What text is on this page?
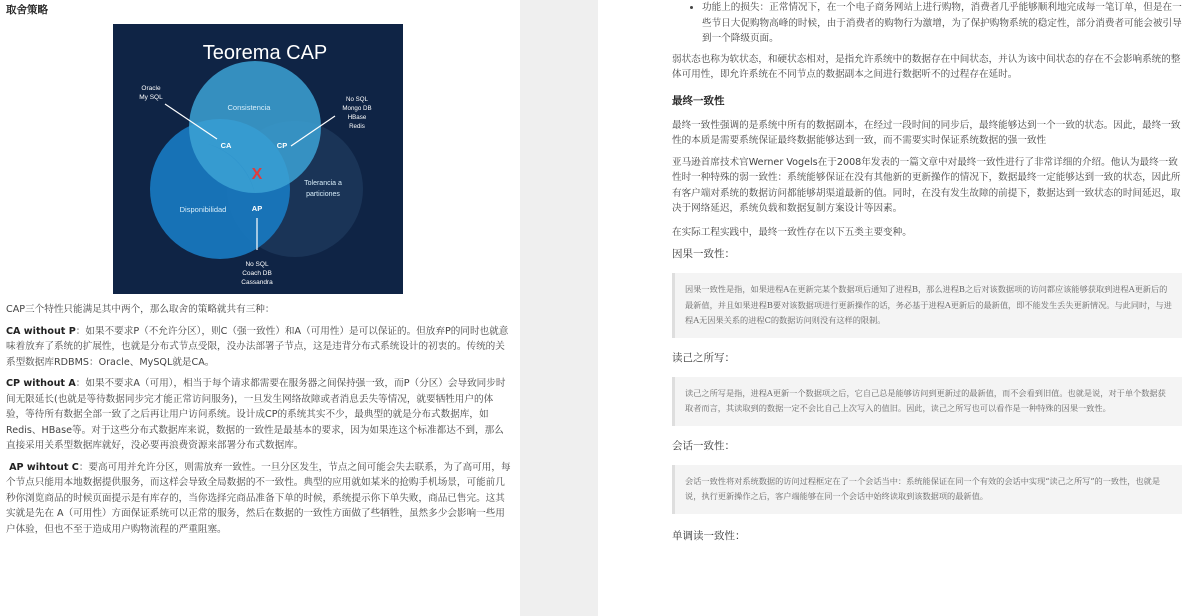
取舍策略
Teorema CAP
Consistencia
Disponibilidad
Tolerancia a
particiones
CA	CP
AP
X
Oracle
My SQL	No SQL
Mongo DB
HBase
Redis
No SQL
Coach DB
Cassandra

CAP三个特性只能满足其中两个，那么取舍的策略就共有三种：

CA without P：如果不要求P（不允许分区），则C（强一致性）和A（可用性）是可以保证的。但放弃P的同时也就意味着放弃了系统的扩展性，也就是分布式节点受限，没办法部署子节点，这是违背分布式系统设计的初衷的。传统的关系型数据库RDBMS：Oracle、MySQL就是CA。

CP without A：如果不要求A（可用），相当于每个请求都需要在服务器之间保持强一致，而P（分区）会导致同步时间无限延长(也就是等待数据同步完才能正常访问服务)，一旦发生网络故障或者消息丢失等情况，就要牺牲用户的体验，等待所有数据全部一致了之后再让用户访问系统。设计成CP的系统其实不少，最典型的就是分布式数据库，如Redis、HBase等。对于这些分布式数据库来说，数据的一致性是最基本的要求，因为如果连这个标准都达不到，那么直接采用关系型数据库就好，没必要再浪费资源来部署分布式数据库。

AP wihtout C：要高可用并允许分区，则需放弃一致性。一旦分区发生，节点之间可能会失去联系，为了高可用，每个节点只能用本地数据提供服务，而这样会导致全局数据的不一致性。典型的应用就如某米的抢购手机场景，可能前几秒你浏览商品的时候页面提示是有库存的，当你选择完商品准备下单的时候，系统提示你下单失败，商品已售完。这其实就是先在 A（可用性）方面保证系统可以正常的服务，然后在数据的一致性方面做了些牺牲，虽然多少会影响一些用户体验，但也不至于造成用户购物流程的严重阻塞。

• 功能上的损失：正常情况下，在一个电子商务网站上进行购物，消费者几乎能够顺利地完成每一笔订单，但是在一些节日大促购物高峰的时候，由于消费者的购物行为激增，为了保护购物系统的稳定性，部分消费者可能会被引导到一个降级页面。

弱状态也称为软状态，和硬状态相对，是指允许系统中的数据存在中间状态，并认为该中间状态的存在不会影响系统的整体可用性，即允许系统在不同节点的数据副本之间进行数据听不的过程存在延时。

最终一致性

最终一致性强调的是系统中所有的数据副本，在经过一段时间的同步后，最终能够达到一个一致的状态。因此，最终一致性的本质是需要系统保证最终数据能够达到一致，而不需要实时保证系统数据的强一致性

亚马逊首席技术官Werner Vogels在于2008年发表的一篇文章中对最终一致性进行了非常详细的介绍。他认为最终一致性时一种特殊的弱一致性：系统能够保证在没有其他新的更新操作的情况下，数据最终一定能够达到一致的状态，因此所有客户端对系统的数据访问都能够胡渠道最新的值。同时，在没有发生故障的前提下，数据达到一致状态的时间延迟，取决于网络延迟，系统负载和数据复制方案设计等因素。

在实际工程实践中，最终一致性存在以下五类主要变种。

因果一致性：
因果一致性是指，如果进程A在更新完某个数据项后通知了进程B，那么进程B之后对该数据项的访问都应该能够获取到进程A更新后的最新值，并且如果进程B要对该数据项进行更新操作的话，务必基于进程A更新后的最新值，即不能发生丢失更新情况。与此同时，与进程A无因果关系的进程C的数据访问则没有这样的限制。
读己之所写：
读己之所写是指，进程A更新一个数据项之后，它自己总是能够访问到更新过的最新值，而不会看到旧值。也就是说，对于单个数据获取者而言，其读取到的数据一定不会比自己上次写入的值旧。因此，读己之所写也可以看作是一种特殊的因果一致性。
会话一致性：
会话一致性将对系统数据的访问过程框定在了一个会话当中：系统能保证在同一个有效的会话中实现“读己之所写”的一致性，也就是说，执行更新操作之后，客户端能够在同一个会话中始终读取到该数据项的最新值。
单调读一致性：
